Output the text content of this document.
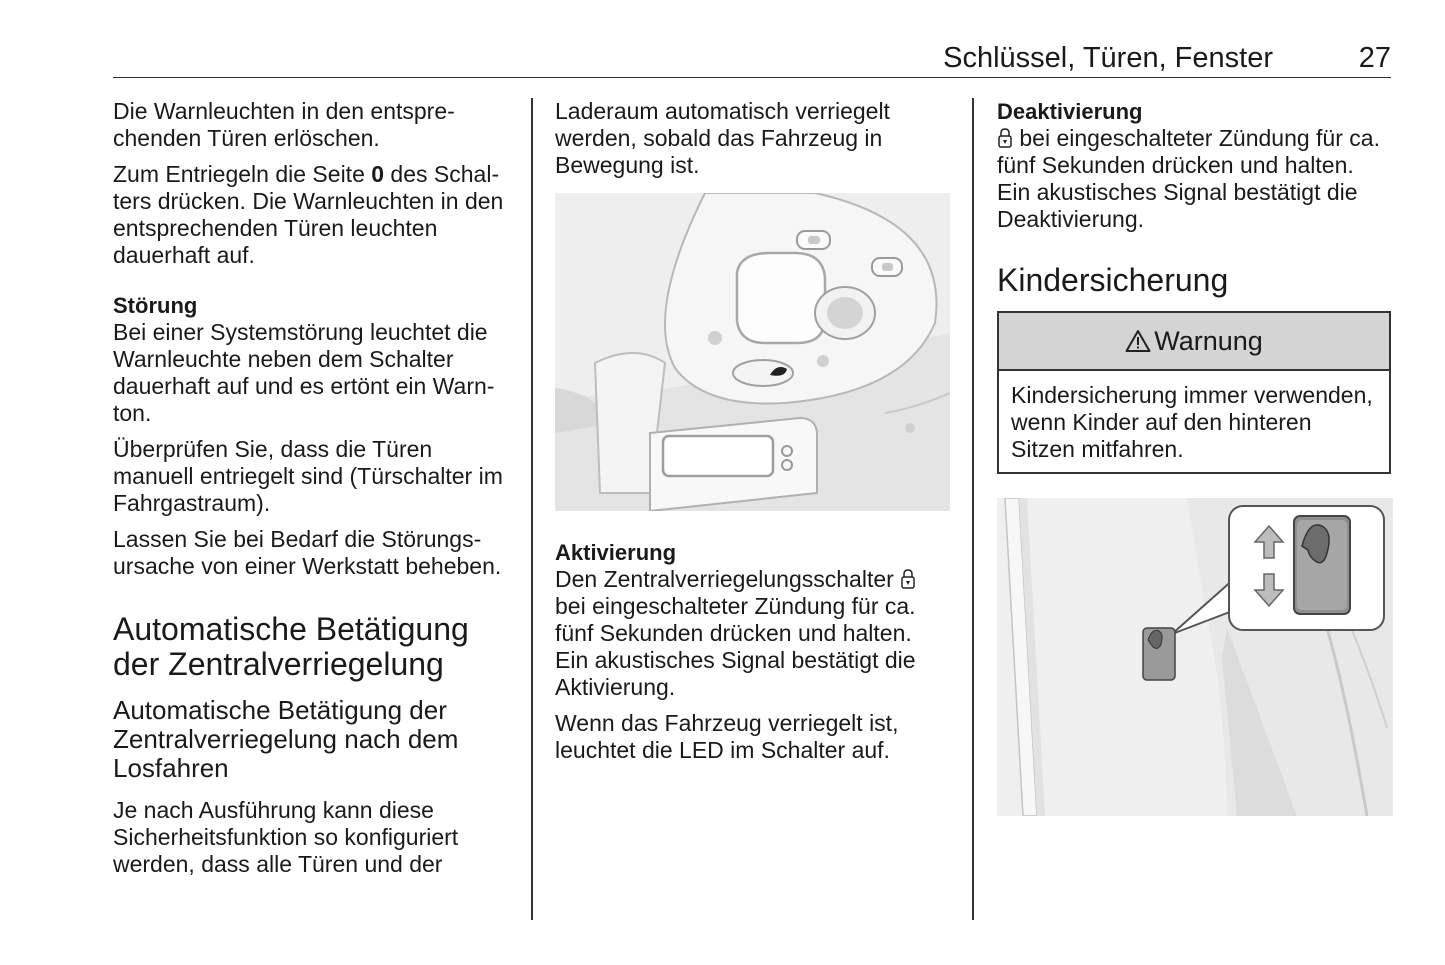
Schlüssel, Türen, Fenster	27

Die Warnleuchten in den entsprechenden Türen erlöschen.

Zum Entriegeln die Seite 0 des Schalters drücken. Die Warnleuchten in den entsprechenden Türen leuchten dauerhaft auf.

Störung

Bei einer Systemstörung leuchtet die Warnleuchte neben dem Schalter dauerhaft auf und es ertönt ein Warnton.

Überprüfen Sie, dass die Türen manuell entriegelt sind (Türschalter im Fahrgastraum).

Lassen Sie bei Bedarf die Störungsursache von einer Werkstatt beheben.

Automatische Betätigung der Zentralverriegelung
Automatische Betätigung der Zentralverriegelung nach dem Losfahren

Je nach Ausführung kann diese Sicherheitsfunktion so konfiguriert werden, dass alle Türen und der

Laderaum automatisch verriegelt werden, sobald das Fahrzeug in Bewegung ist.

Aktivierung

Den Zentralverriegelungsschalter  bei eingeschalteter Zündung für ca. fünf Sekunden drücken und halten. Ein akustisches Signal bestätigt die Aktivierung.

Wenn das Fahrzeug verriegelt ist, leuchtet die LED im Schalter auf.

Deaktivierung

bei eingeschalteter Zündung für ca. fünf Sekunden drücken und halten. Ein akustisches Signal bestätigt die Deaktivierung.

Kindersicherung
Warnung
Kindersicherung immer verwenden, wenn Kinder auf den hinteren Sitzen mitfahren.
